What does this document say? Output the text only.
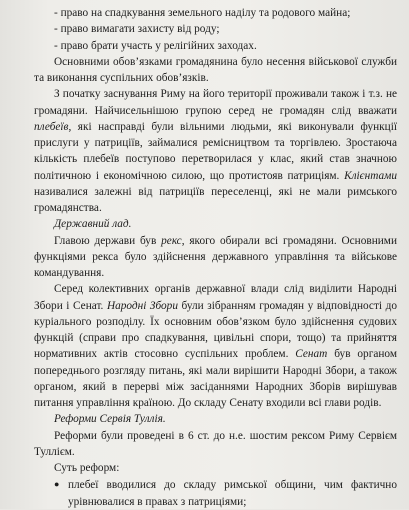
- право на спадкування земельного наділу та родового майна;

- право вимагати захисту від роду;

- право брати участь у релігійних заходах.

Основними обов’язками громадянина було несення військової служби та виконання суспільних обов’язків.

З початку заснування Риму на його території проживали також і т.з. не громадяни. Найчисельнішою групою серед не громадян слід вважати плебеїв, які насправді були вільними людьми, які виконували функції прислуги у патриціїв, займалися ремісництвом та торгівлею. Зростаюча кількість плебеїв поступово перетворилася у клас, який став значною політичною і економічною силою, що протистояв патриціям. Клієнтами називалися залежні від патриціїв переселенці, які не мали римського громадянства.

Державний лад.

Главою держави був рекс, якого обирали всі громадяни. Основними функціями рекса було здійснення державного управління та військове командування.

Серед колективних органів державної влади слід виділити Народні Збори і Сенат. Народні Збори були зібранням громадян у відповідності до куріального розподілу. Їх основним обов’язком було здійснення судових функцій (справи про спадкування, цивільні спори, тощо) та прийняття нормативних актів стосовно суспільних проблем. Сенат був органом попереднього розгляду питань, які мали вирішити Народні Збори, а також органом, який в перерві між засіданнями Народних Зборів вирішував питання управління країною. До складу Сенату входили всі глави родів.

Реформи Сервія Туллія.

Реформи були проведені в 6 ст. до н.е. шостим рексом Риму Сервієм Туллієм.

Суть реформ:

● плебеї вводилися до складу римської общини, чим фактично урівнювалися в правах з патриціями;
